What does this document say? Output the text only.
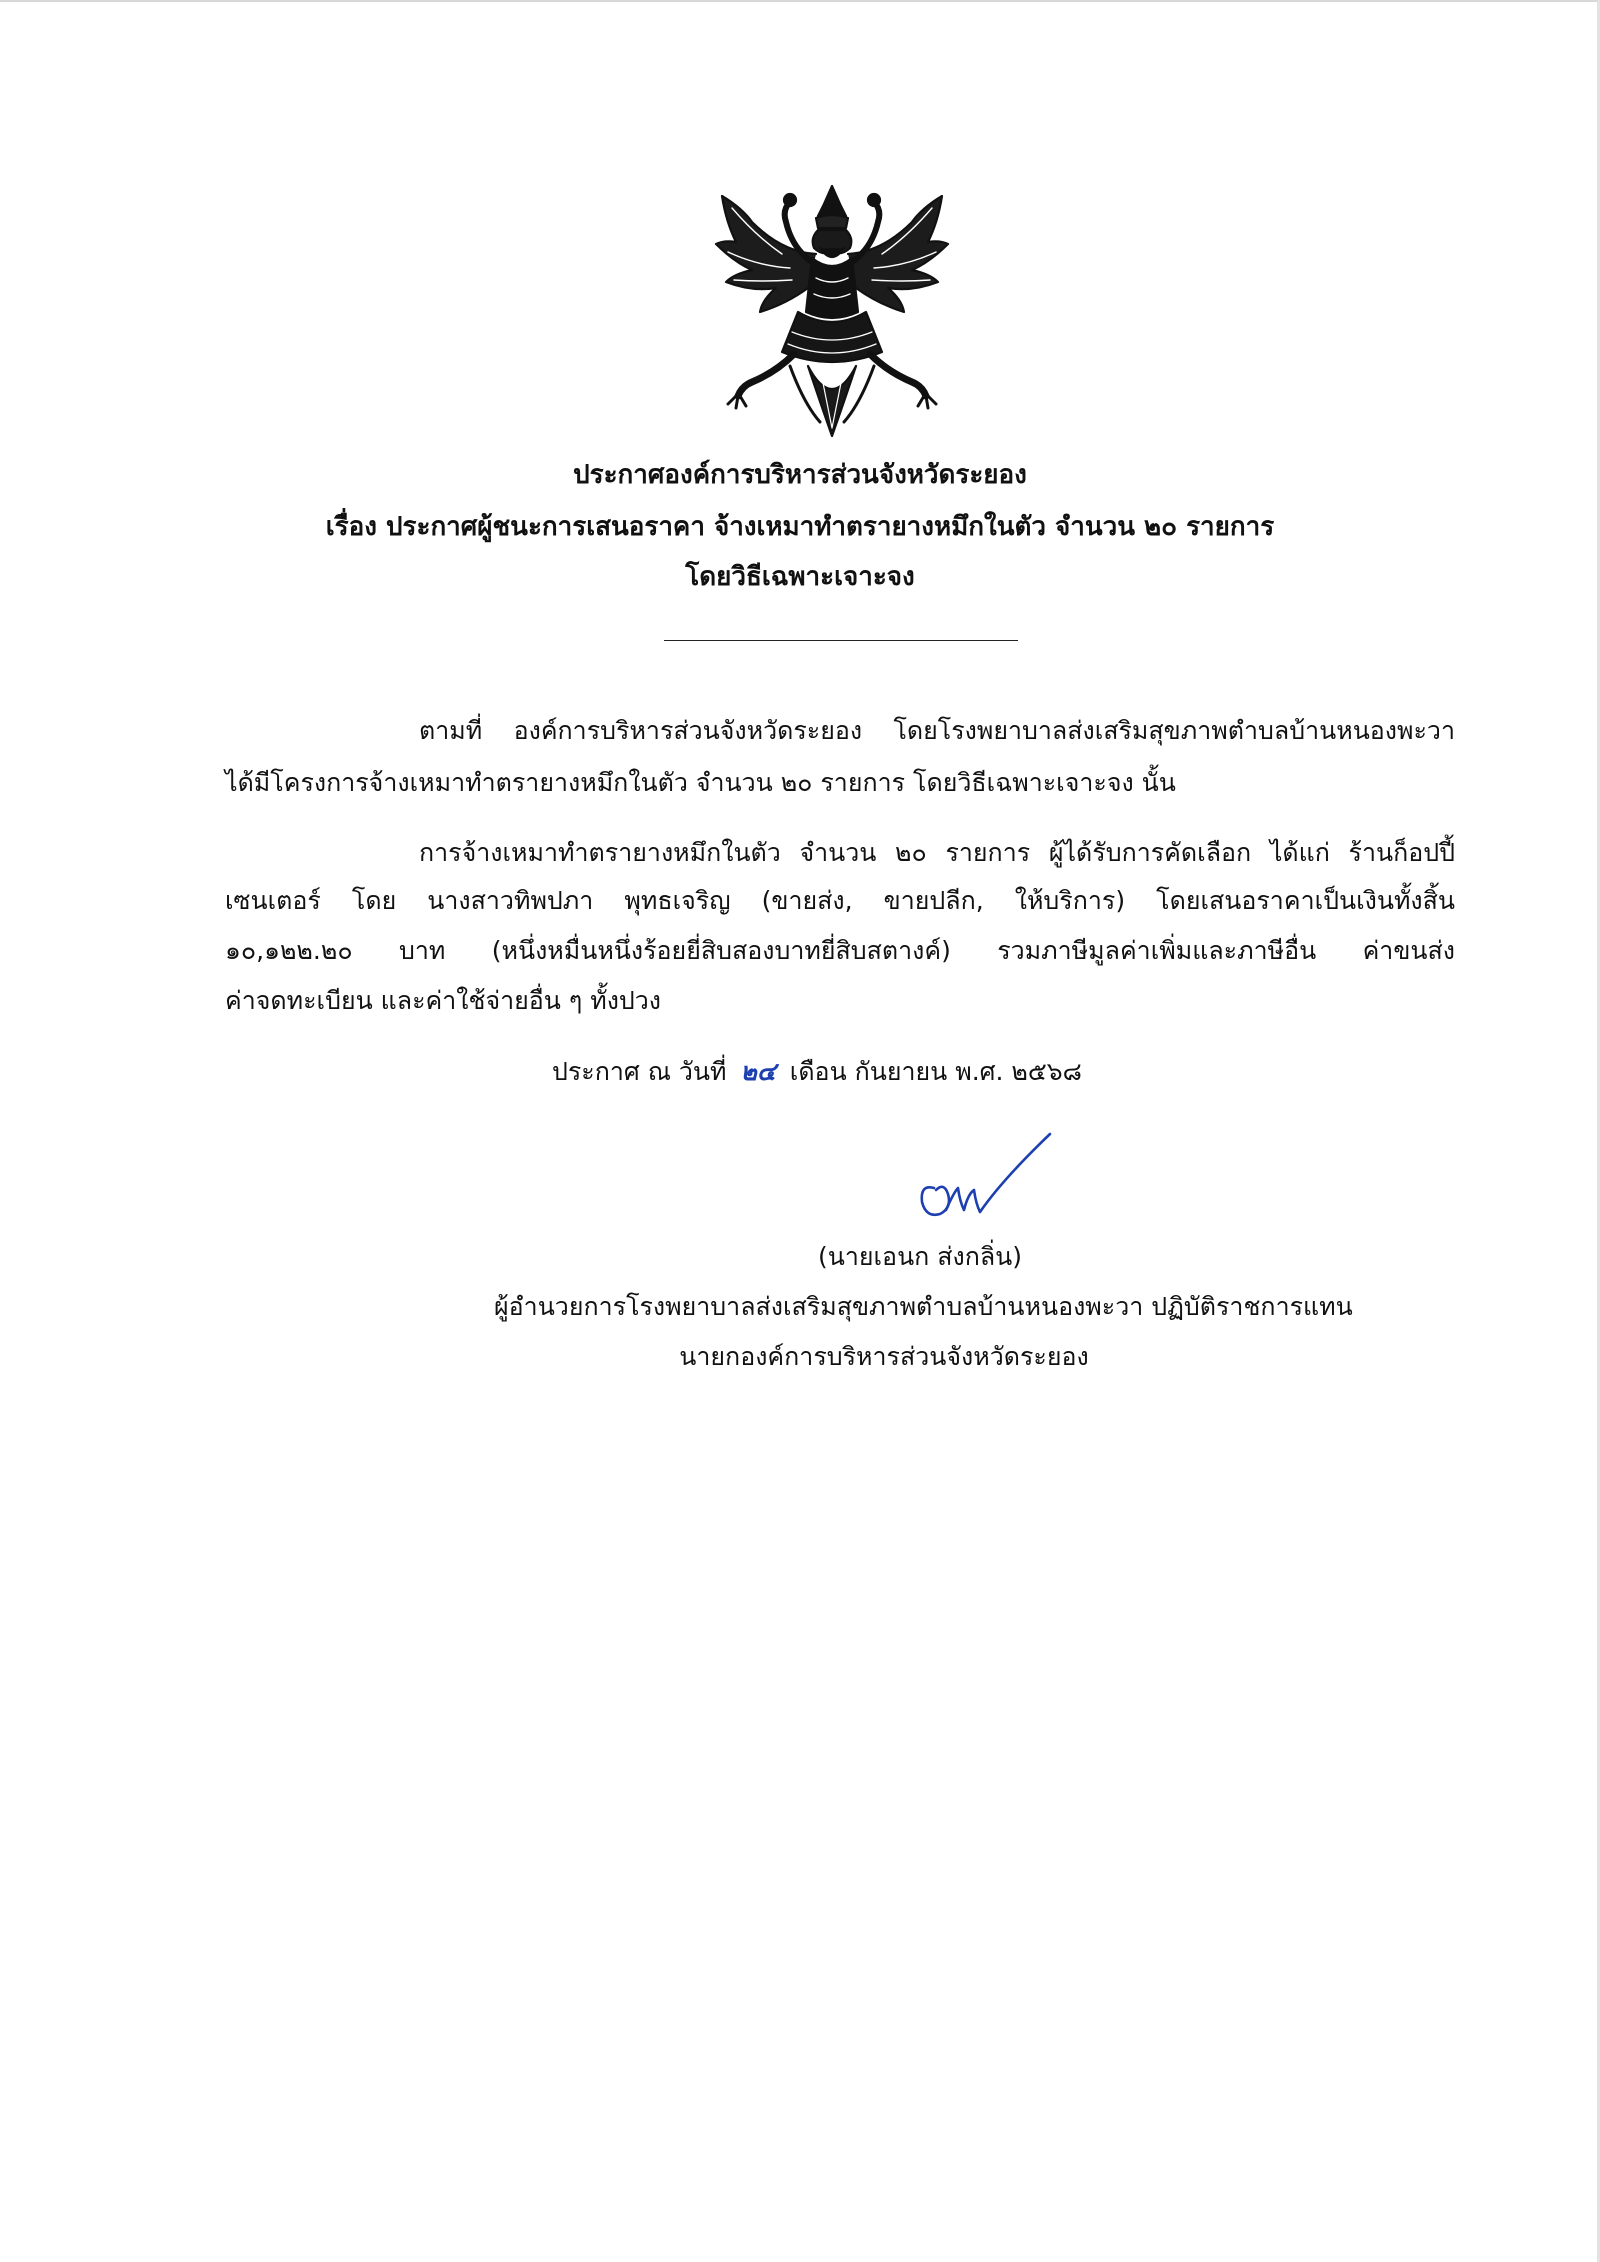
ประกาศองค์การบริหารส่วนจังหวัดระยอง
เรื่อง ประกาศผู้ชนะการเสนอราคา จ้างเหมาทำตรายางหมึกในตัว จำนวน ๒๐ รายการ
โดยวิธีเฉพาะเจาะจง
ตามที่ องค์การบริหารส่วนจังหวัดระยอง โดยโรงพยาบาลส่งเสริมสุขภาพตำบลบ้านหนองพะวา
ได้มีโครงการจ้างเหมาทำตรายางหมึกในตัว จำนวน ๒๐ รายการ โดยวิธีเฉพาะเจาะจง นั้น
การจ้างเหมาทำตรายางหมึกในตัว จำนวน ๒๐ รายการ ผู้ได้รับการคัดเลือก ได้แก่ ร้านก็อปปี้
เซนเตอร์ โดย นางสาวทิพปภา พุทธเจริญ (ขายส่ง, ขายปลีก, ให้บริการ) โดยเสนอราคาเป็นเงินทั้งสิ้น
๑๐,๑๒๒.๒๐ บาท (หนึ่งหมื่นหนึ่งร้อยยี่สิบสองบาทยี่สิบสตางค์) รวมภาษีมูลค่าเพิ่มและภาษีอื่น ค่าขนส่ง
ค่าจดทะเบียน และค่าใช้จ่ายอื่น ๆ ทั้งปวง
ประกาศ ณ วันที่ ๒๔ เดือน กันยายน พ.ศ. ๒๕๖๘
(นายเอนก ส่งกลิ่น)
ผู้อำนวยการโรงพยาบาลส่งเสริมสุขภาพตำบลบ้านหนองพะวา ปฏิบัติราชการแทน
นายกองค์การบริหารส่วนจังหวัดระยอง
